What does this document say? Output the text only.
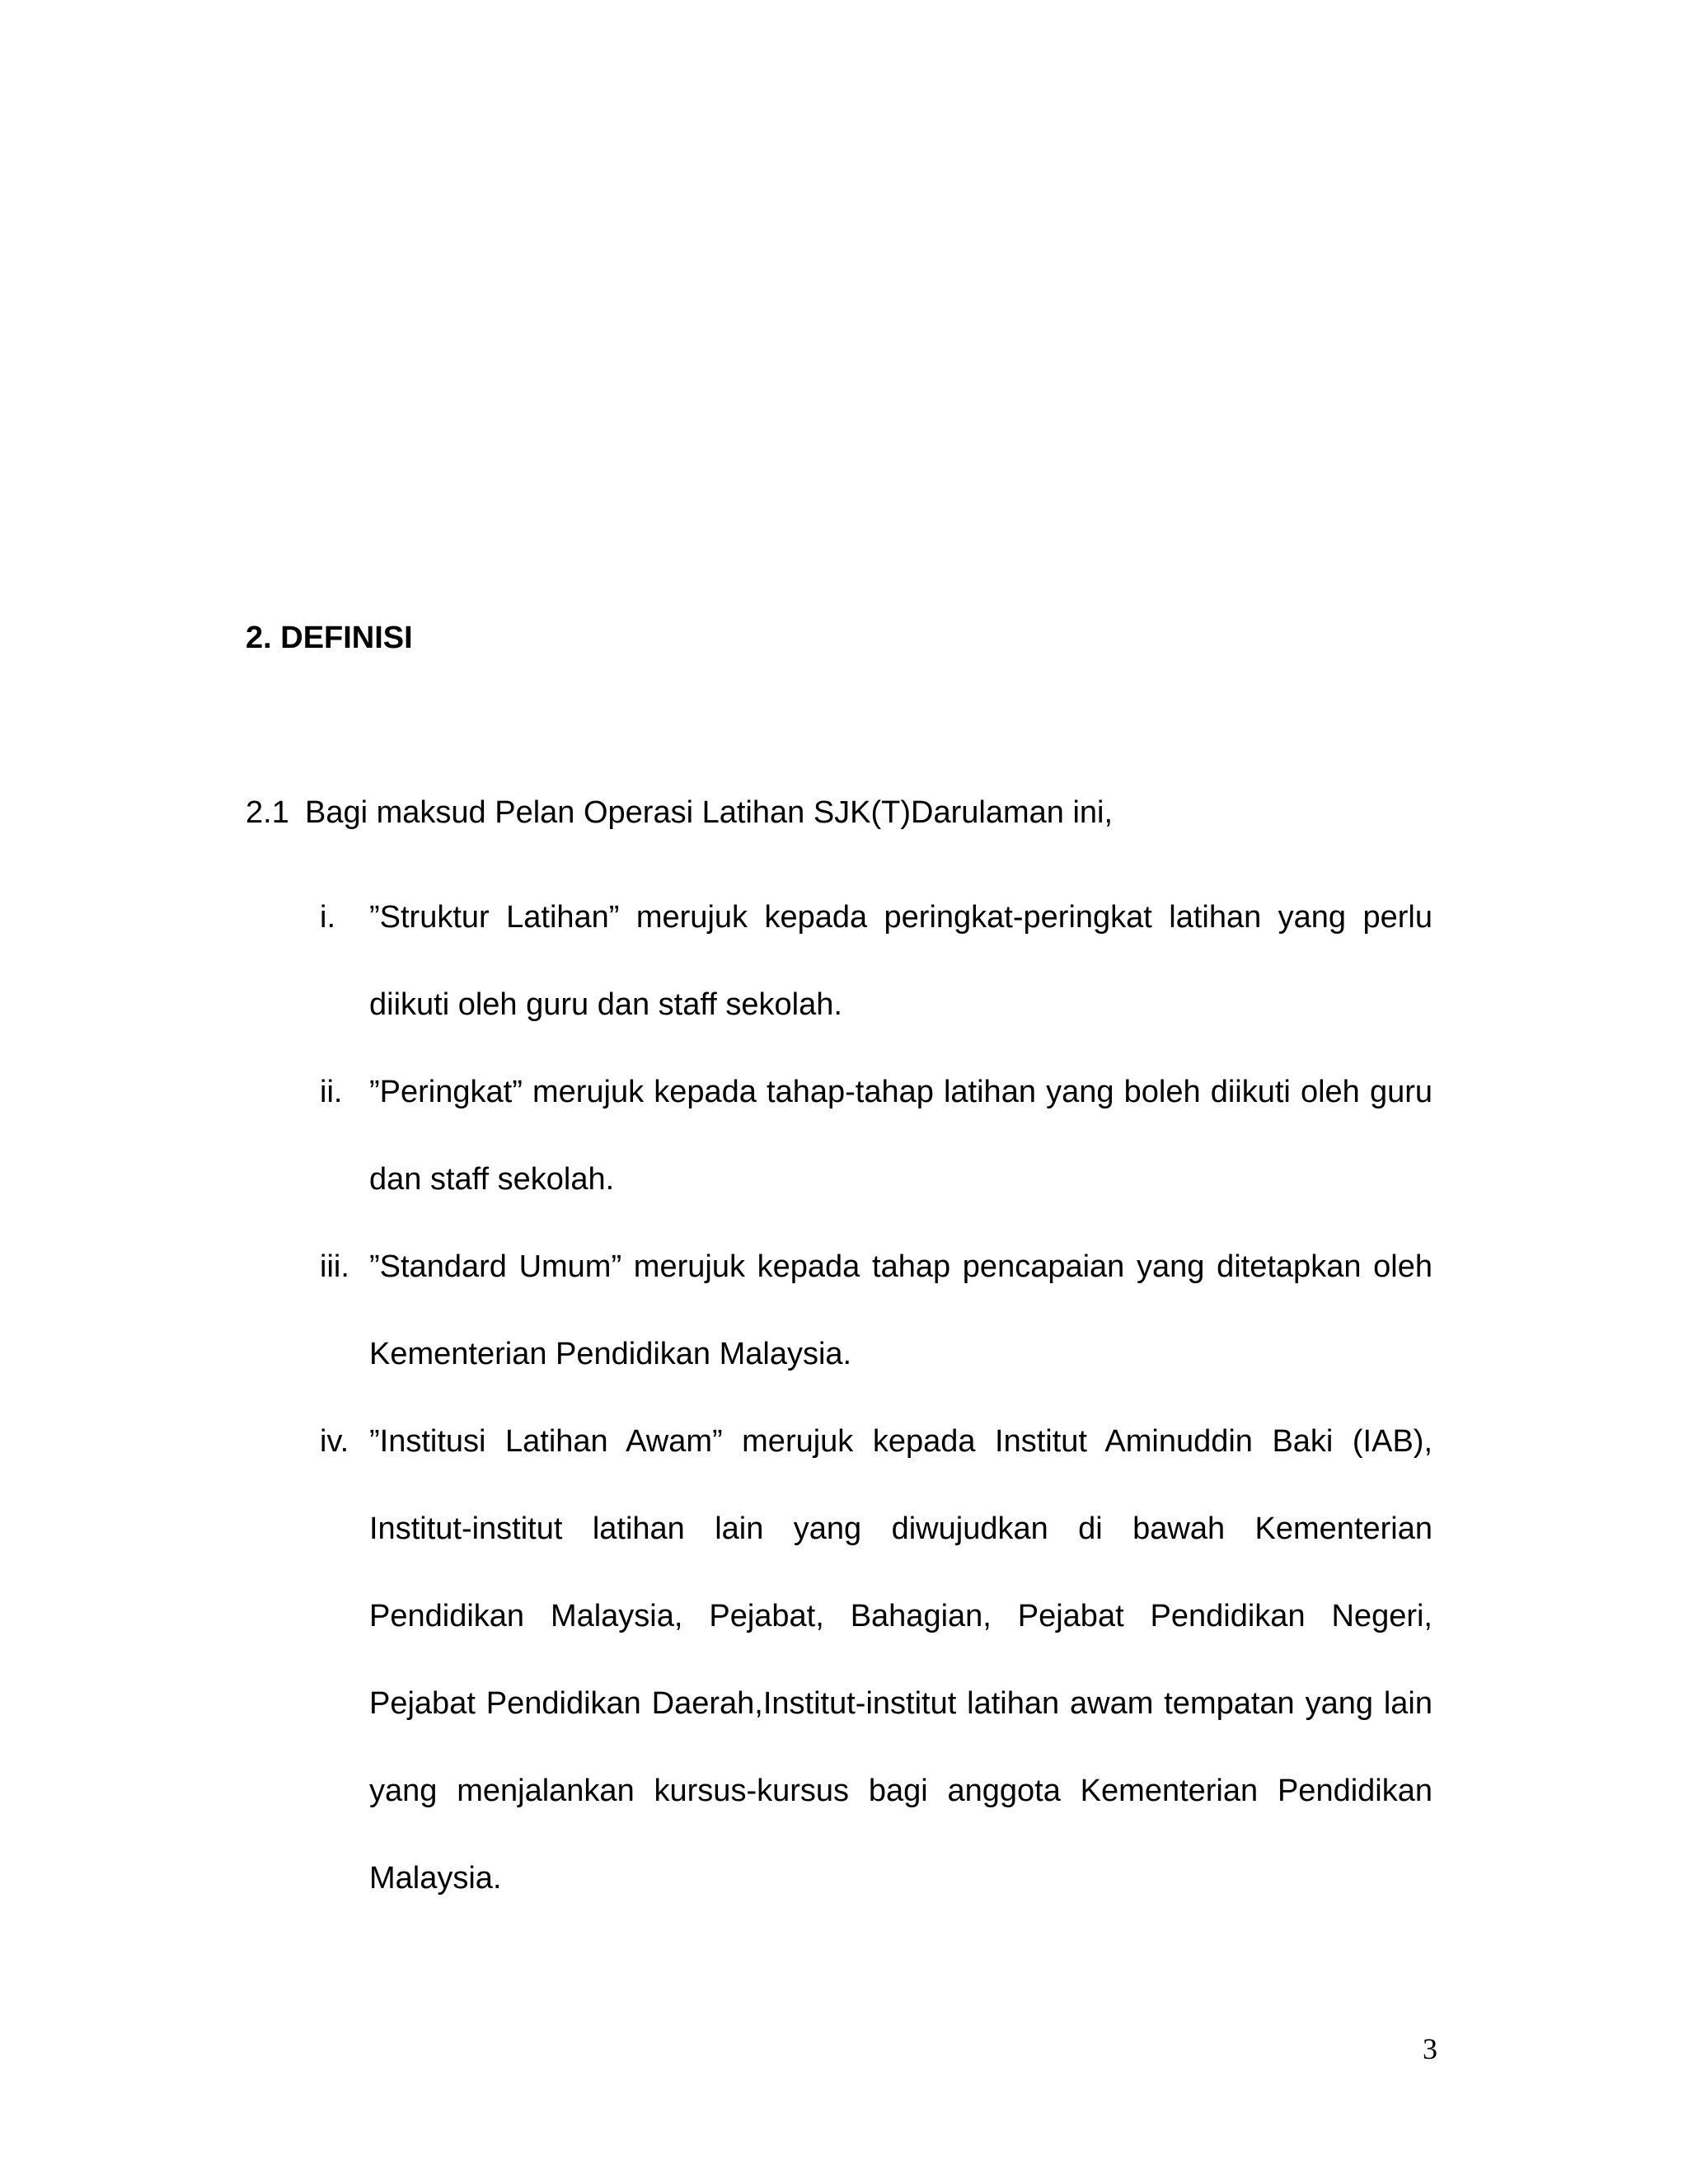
2. DEFINISI
2.1 Bagi maksud Pelan Operasi Latihan SJK(T)Darulaman ini,
i.	”Struktur Latihan” merujuk kepada peringkat-peringkat latihan yang perlu diikuti oleh guru dan staff sekolah.
ii. ”Peringkat” merujuk kepada tahap-tahap latihan yang boleh diikuti oleh guru dan staff sekolah.
iii. ”Standard Umum” merujuk kepada tahap pencapaian yang ditetapkan oleh Kementerian Pendidikan Malaysia.
iv. ”Institusi Latihan Awam” merujuk kepada Institut Aminuddin Baki (IAB), Institut-institut latihan lain yang diwujudkan di bawah Kementerian Pendidikan Malaysia, Pejabat, Bahagian, Pejabat Pendidikan Negeri, Pejabat Pendidikan Daerah,Institut-institut latihan awam tempatan yang lain yang menjalankan kursus-kursus bagi anggota Kementerian Pendidikan Malaysia.
3
